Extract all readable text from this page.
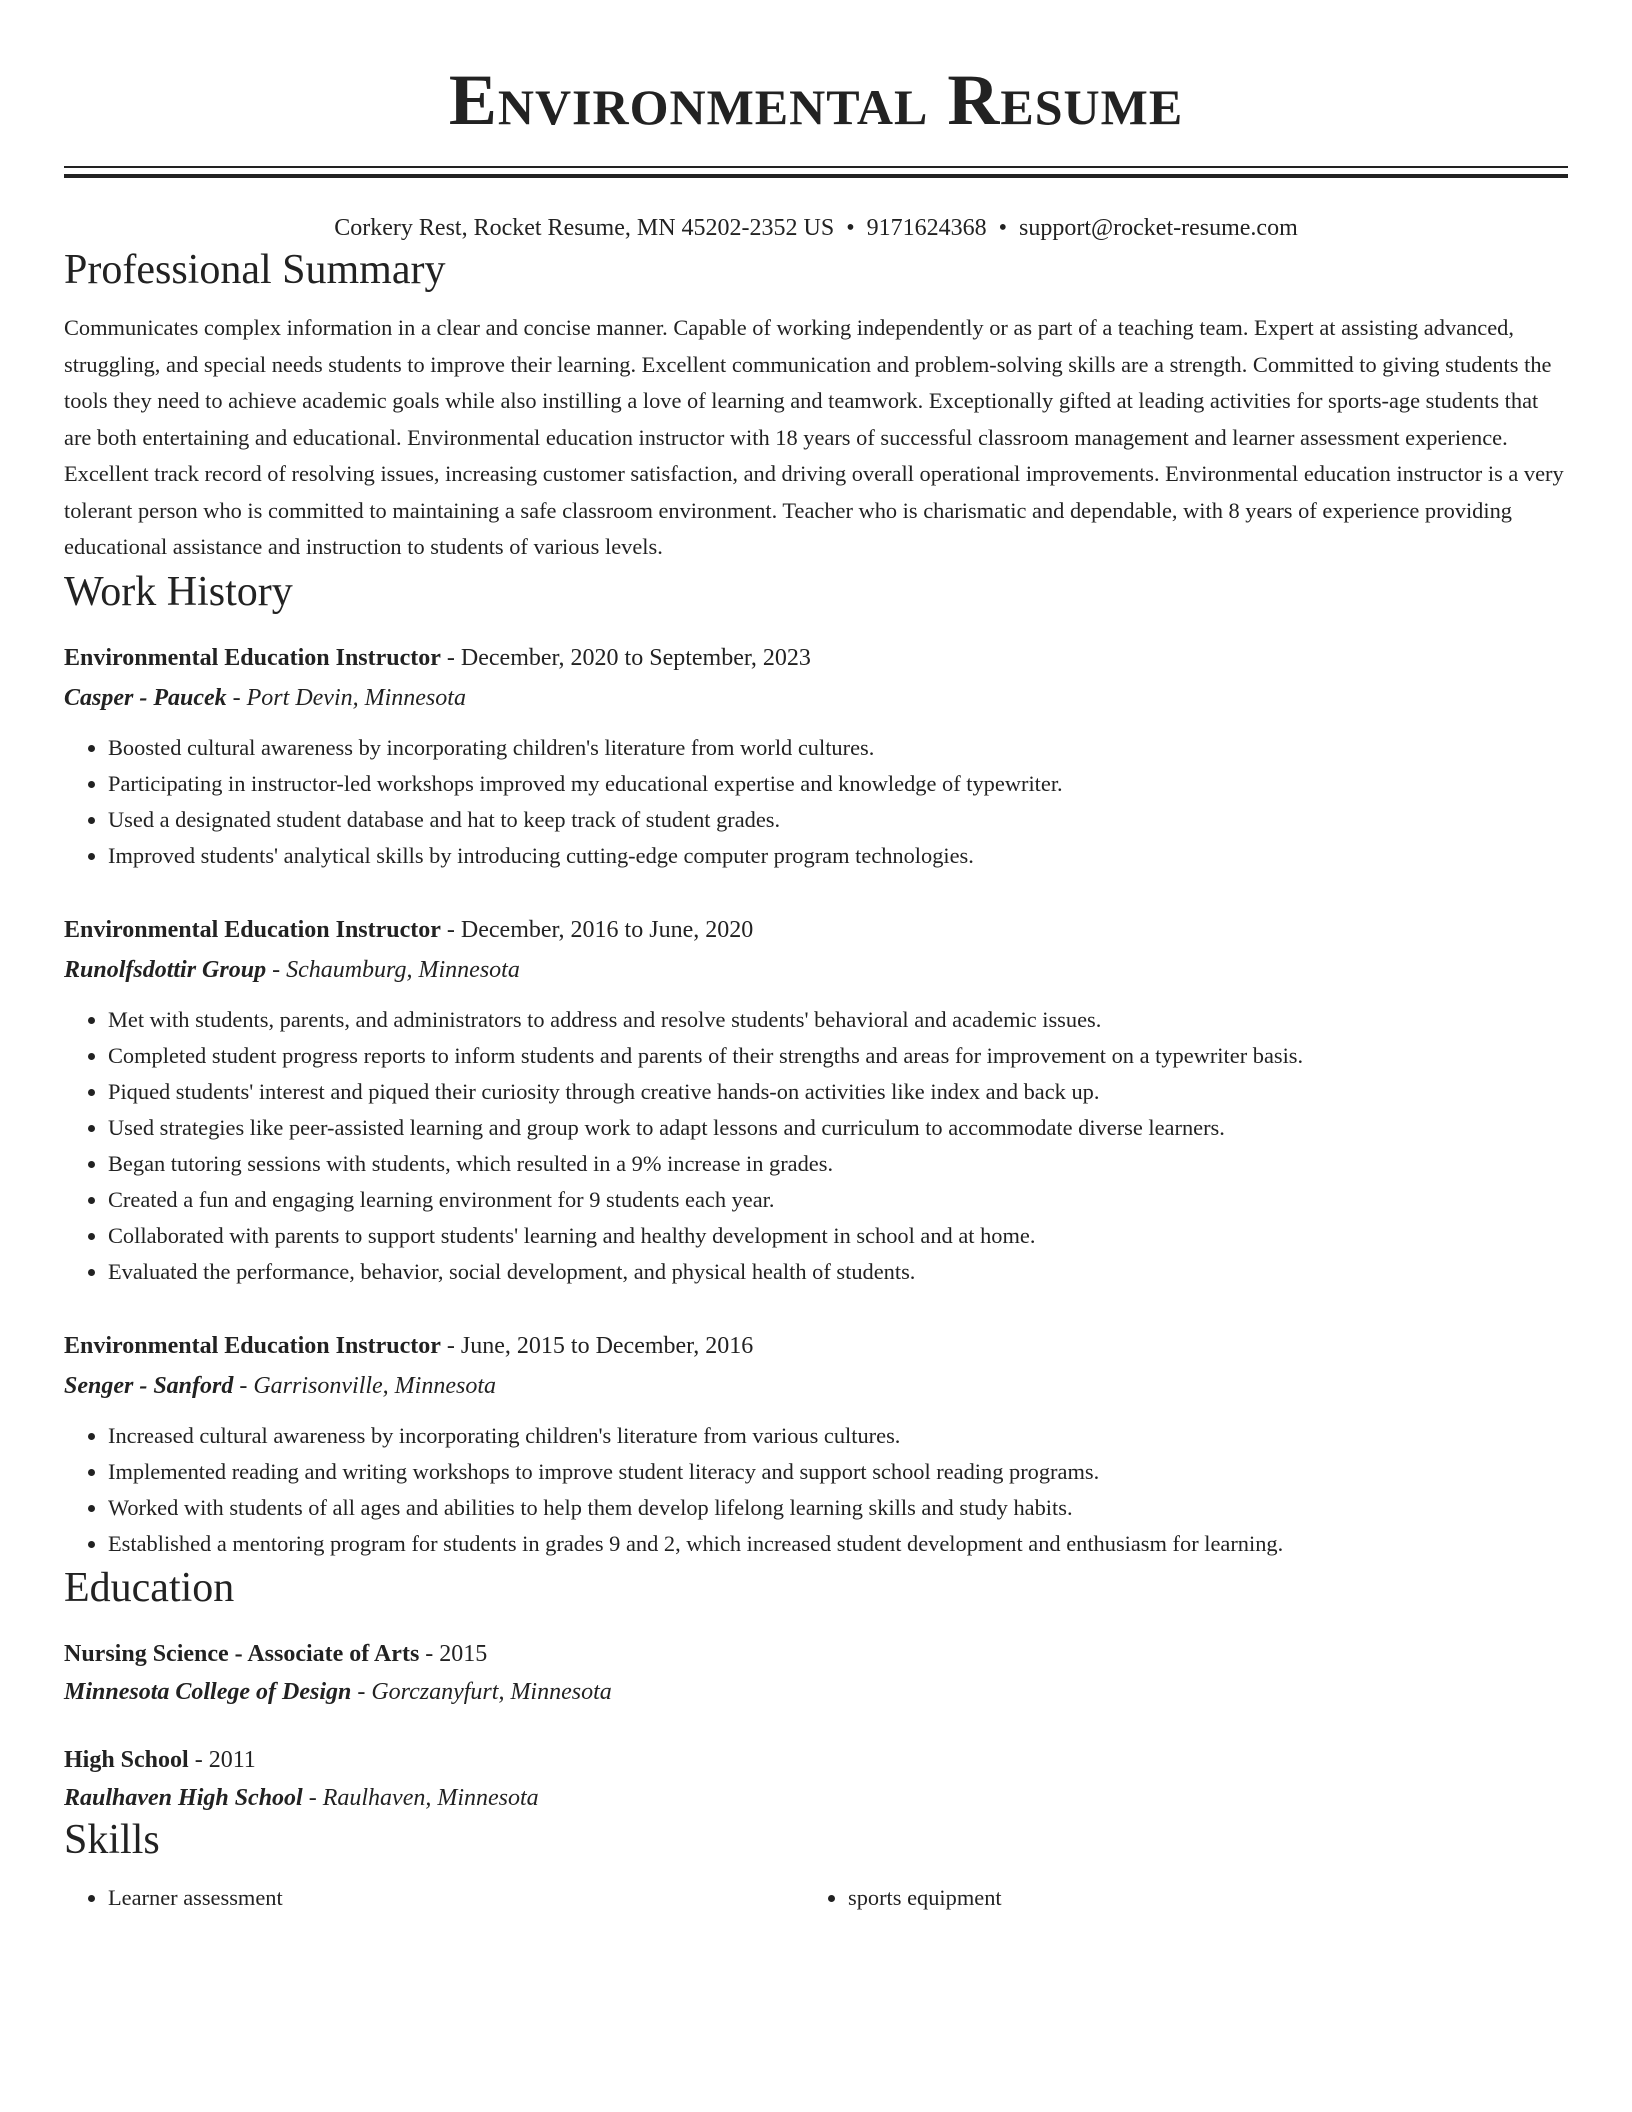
Environmental Resume
Corkery Rest, Rocket Resume, MN 45202-2352 US • 9171624368 • support@rocket-resume.com
Professional Summary

Communicates complex information in a clear and concise manner. Capable of working independently or as part of a teaching team. Expert at assisting advanced, struggling, and special needs students to improve their learning. Excellent communication and problem-solving skills are a strength. Committed to giving students the tools they need to achieve academic goals while also instilling a love of learning and teamwork. Exceptionally gifted at leading activities for sports-age students that are both entertaining and educational. Environmental education instructor with 18 years of successful classroom management and learner assessment experience. Excellent track record of resolving issues, increasing customer satisfaction, and driving overall operational improvements. Environmental education instructor is a very tolerant person who is committed to maintaining a safe classroom environment. Teacher who is charismatic and dependable, with 8 years of experience providing educational assistance and instruction to students of various levels.

Work History
Environmental Education Instructor - December, 2020 to September, 2023
Casper - Paucek - Port Devin, Minnesota
• Boosted cultural awareness by incorporating children's literature from world cultures.
• Participating in instructor-led workshops improved my educational expertise and knowledge of typewriter.
• Used a designated student database and hat to keep track of student grades.
• Improved students' analytical skills by introducing cutting-edge computer program technologies.
Environmental Education Instructor - December, 2016 to June, 2020
Runolfsdottir Group - Schaumburg, Minnesota
• Met with students, parents, and administrators to address and resolve students' behavioral and academic issues.
• Completed student progress reports to inform students and parents of their strengths and areas for improvement on a typewriter basis.
• Piqued students' interest and piqued their curiosity through creative hands-on activities like index and back up.
• Used strategies like peer-assisted learning and group work to adapt lessons and curriculum to accommodate diverse learners.
• Began tutoring sessions with students, which resulted in a 9% increase in grades.
• Created a fun and engaging learning environment for 9 students each year.
• Collaborated with parents to support students' learning and healthy development in school and at home.
• Evaluated the performance, behavior, social development, and physical health of students.
Environmental Education Instructor - June, 2015 to December, 2016
Senger - Sanford - Garrisonville, Minnesota
• Increased cultural awareness by incorporating children's literature from various cultures.
• Implemented reading and writing workshops to improve student literacy and support school reading programs.
• Worked with students of all ages and abilities to help them develop lifelong learning skills and study habits.
• Established a mentoring program for students in grades 9 and 2, which increased student development and enthusiasm for learning.
Education
Nursing Science - Associate of Arts - 2015
Minnesota College of Design - Gorczanyfurt, Minnesota
High School - 2011
Raulhaven High School - Raulhaven, Minnesota
Skills
• Learner assessment
•	sports equipment
